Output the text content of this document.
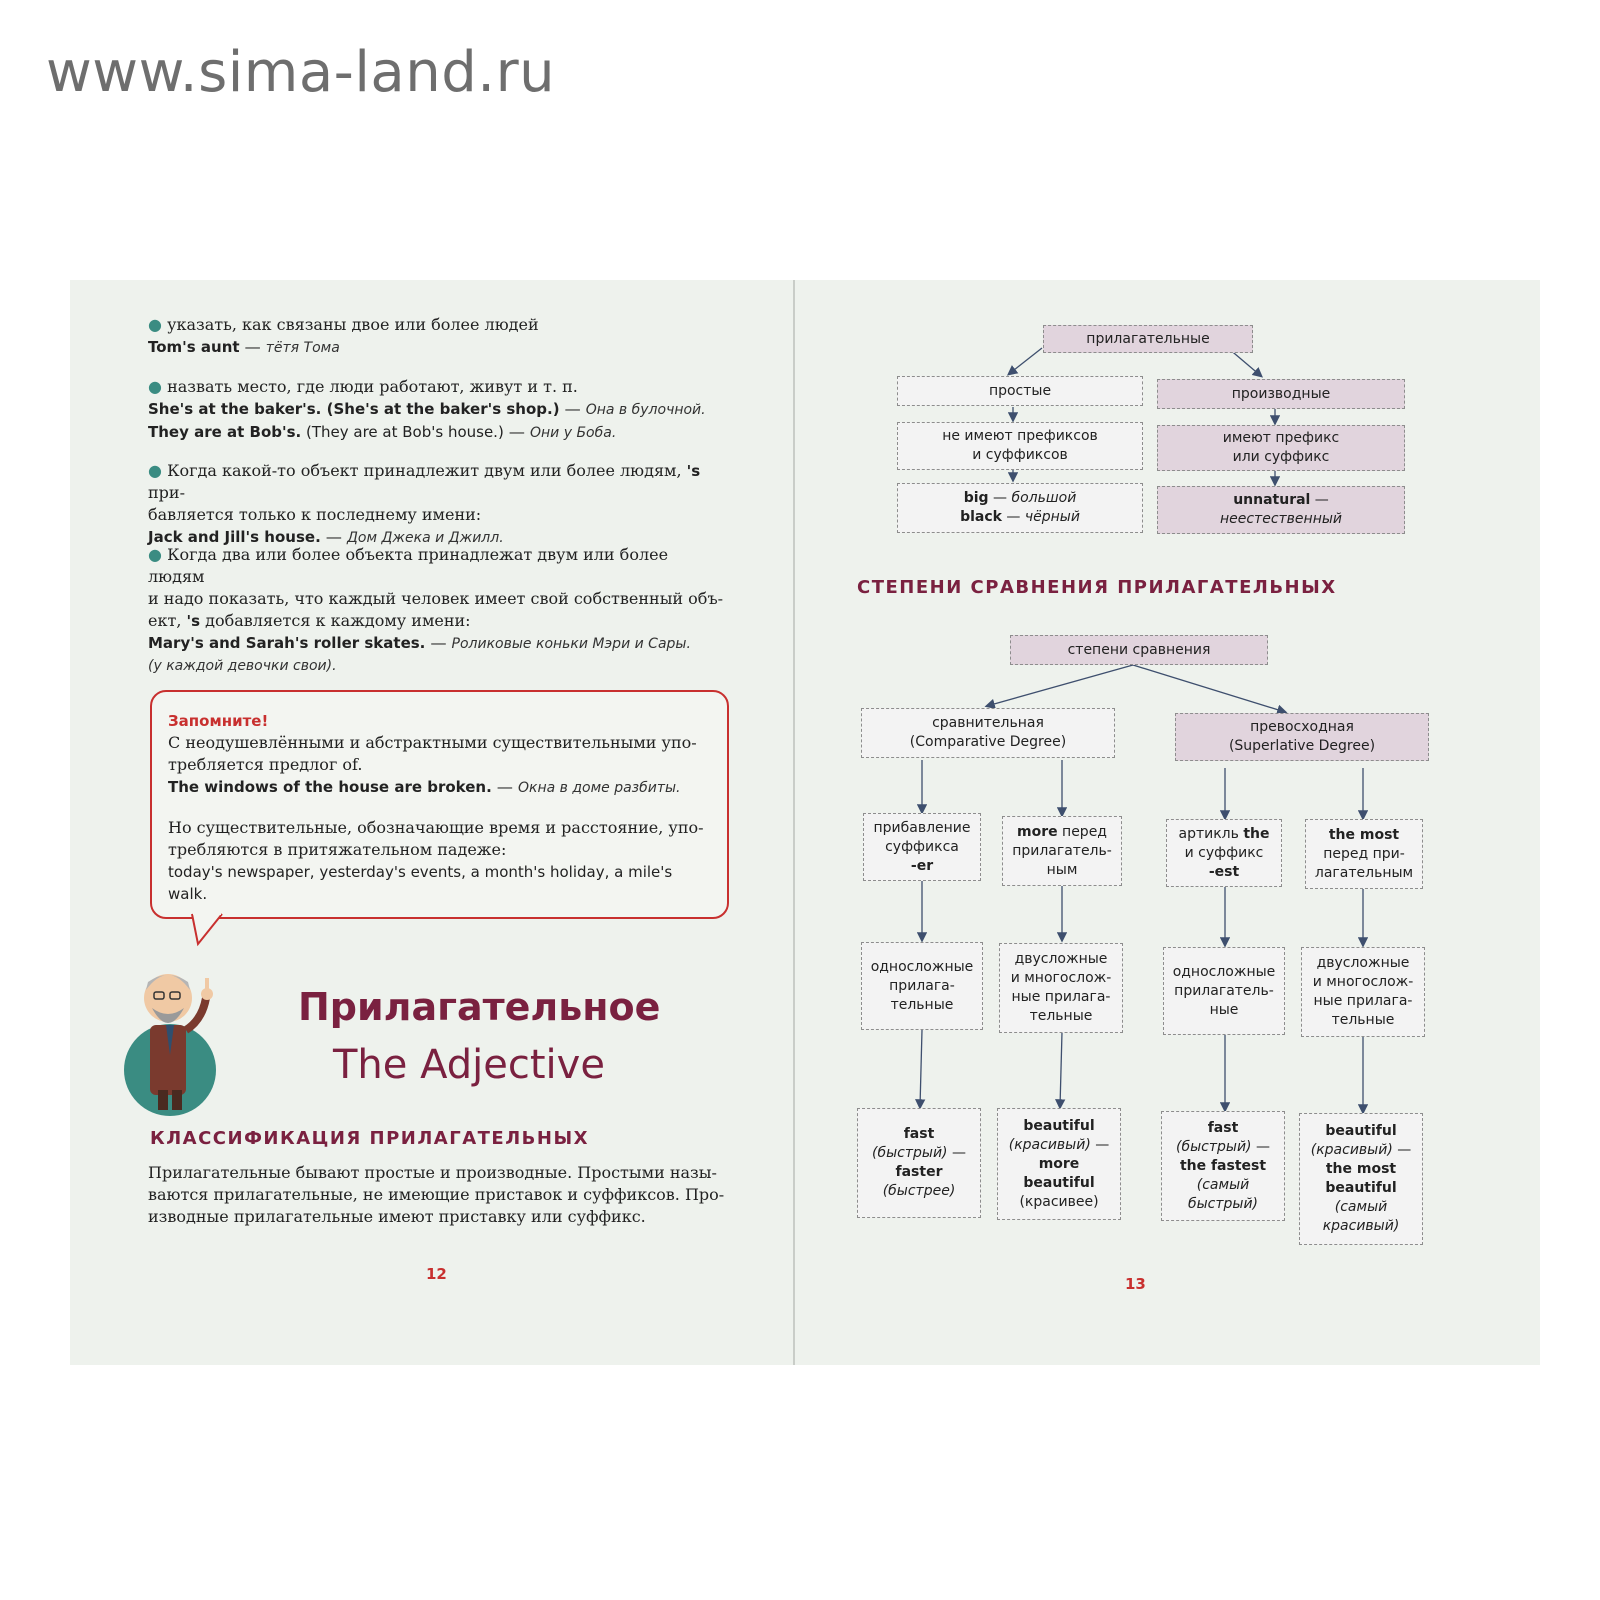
www.sima-land.ru
● указать, как связаны двое или более людей
Tom's aunt — тётя Тома
● назвать место, где люди работают, живут и т. п.
She's at the baker's. (She's at the baker's shop.) — Она в булочной.
They are at Bob's. (They are at Bob's house.) — Они у Боба.
● Когда какой-то объект принадлежит двум или более людям, 's при-
бавляется только к последнему имени:
Jack and Jill's house. — Дом Джека и Джилл.
● Когда два или более объекта принадлежат двум или более людям
и надо показать, что каждый человек имеет свой собственный объ-
ект, 's добавляется к каждому имени:
Mary's and Sarah's roller skates. — Роликовые коньки Мэри и Сары.
(у каждой девочки свои).
Запомните!
С неодушевлёнными и абстрактными существительными упо-
требляется предлог of.
The windows of the house are broken. — Окна в доме разбиты.
Но существительные, обозначающие время и расстояние, упо-
требляются в притяжательном падеже:
today's newspaper, yesterday's events, a month's holiday, a mile's
walk.
Прилагательное
The Adjective
КЛАССИФИКАЦИЯ ПРИЛАГАТЕЛЬНЫХ
Прилагательные бывают простые и производные. Простыми назы-
ваются прилагательные, не имеющие приставок и суффиксов. Про-
изводные прилагательные имеют приставку или суффикс.
12
прилагательные
простые	производные
не имеют префиксов
и суффиксов
имеют префикс
или суффикс
big — большой
black — чёрный
unnatural —
неестественный
СТЕПЕНИ СРАВНЕНИЯ ПРИЛАГАТЕЛЬНЫХ
степени сравнения
сравнительная
(Comparative Degree)
превосходная
(Superlative Degree)
прибавление
суффикса
-er
more перед
прилагатель-
ным
артикль the
и суффикс
-est
the most
перед при-
лагательным
односложные
прилага-
тельные
двусложные
и многослож-
ные прилага-
тельные
односложные
прилагатель-
ные
двусложные
и многослож-
ные прилага-
тельные
fast
(быстрый) —
faster
(быстрее)
beautiful
(красивый) —
more
beautiful
(красивее)
fast
(быстрый) —
the fastest
(самый
быстрый)
beautiful
(красивый) —
the most
beautiful
(самый
красивый)
13
